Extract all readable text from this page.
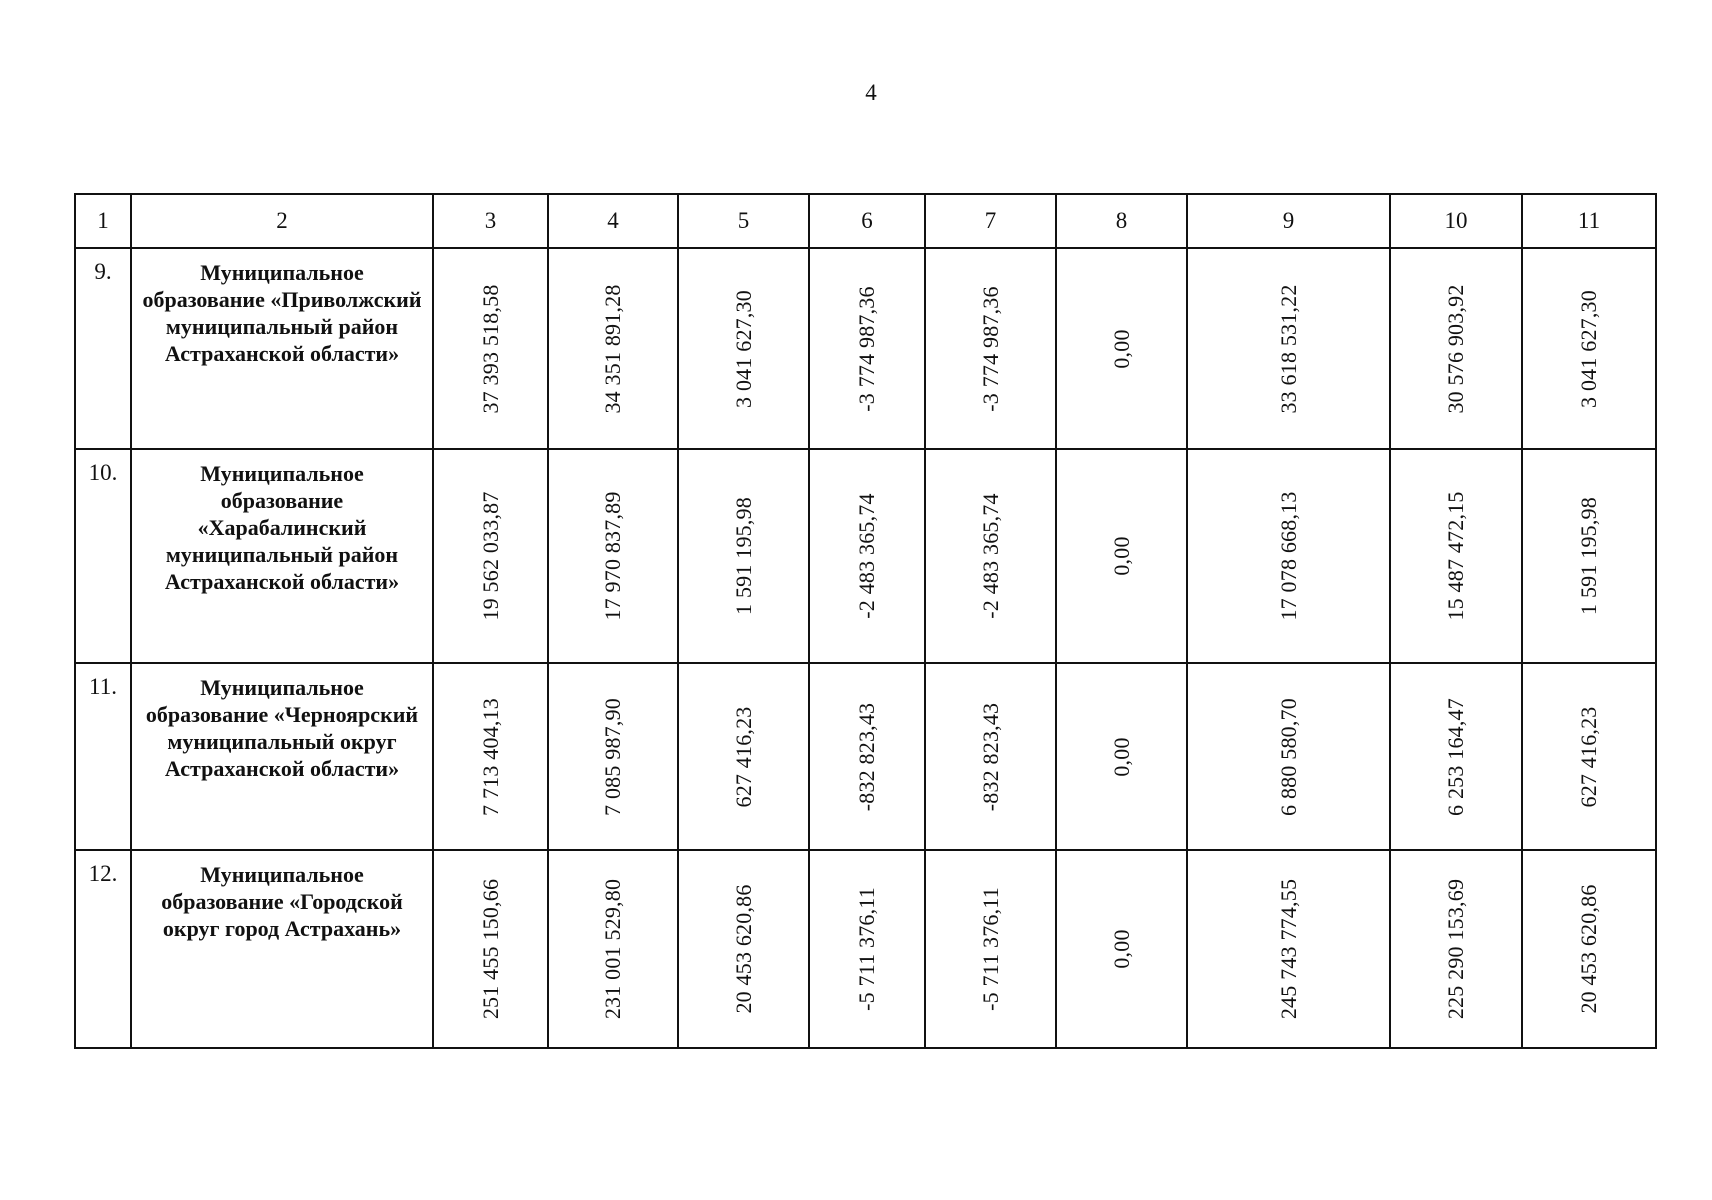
4
1	2	3	4	5	6	7	8	9	10	11
9.	Муниципальное образование «Приволжский муниципальный район Астраханской области»	37 393 518,58	34 351 891,28	3 041 627,30	-3 774 987,36	-3 774 987,36	0,00	33 618 531,22	30 576 903,92	3 041 627,30

10.	Муниципальное образование «Харабалинский муниципальный район Астраханской области»	19 562 033,87	17 970 837,89	1 591 195,98	-2 483 365,74	-2 483 365,74	0,00	17 078 668,13	15 487 472,15	1 591 195,98

11.	Муниципальное образование «Черноярский муниципальный округ Астраханской области»	7 713 404,13	7 085 987,90	627 416,23	-832 823,43	-832 823,43	0,00	6 880 580,70	6 253 164,47	627 416,23

12.	Муниципальное образование «Городской округ город Астрахань»	251 455 150,66	231 001 529,80	20 453 620,86	-5 711 376,11	-5 711 376,11	0,00	245 743 774,55	225 290 153,69	20 453 620,86
